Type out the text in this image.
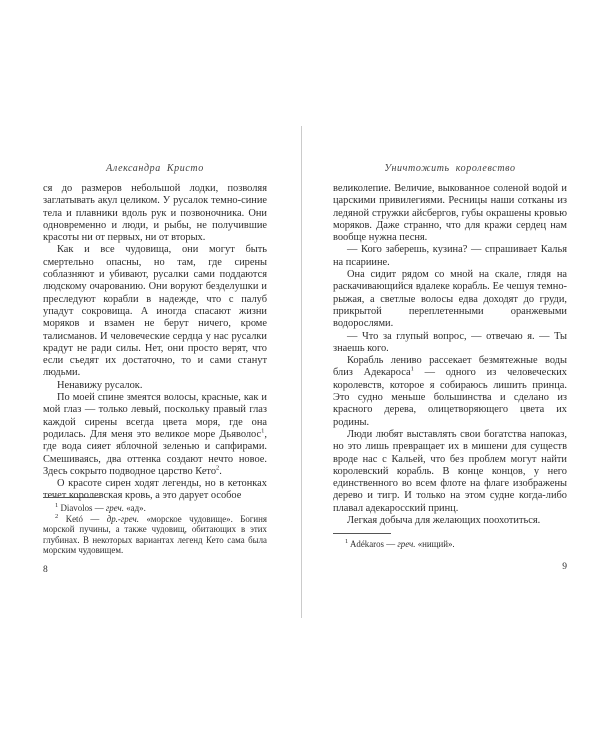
Александра Кристо

ся до размеров небольшой лодки, позволяя заглатывать акул целиком. У русалок темно-синие тела и плавники вдоль рук и позвоночника. Они одновременно и люди, и рыбы, не получившие красоты ни от первых, ни от вторых.

Как и все чудовища, они могут быть смертельно опасны, но там, где сирены соблазняют и убивают, русалки сами поддаются людскому очарованию. Они воруют безделушки и преследуют корабли в надежде, что с палуб упадут сокровища. А иногда спасают жизни моряков и взамен не берут ничего, кроме талисманов. И человеческие сердца у нас русалки крадут не ради силы. Нет, они просто верят, что если съедят их достаточно, то и сами станут людьми.

Ненавижу русалок.

По моей спине змеятся волосы, красные, как и мой глаз — только левый, поскольку правый глаз каждой сирены всегда цвета моря, где она родилась. Для меня это великое море Дьяволос$^1$, где вода сияет яблочной зеленью и сапфирами. Смешиваясь, два оттенка создают нечто новое. Здесь сокрыто подводное царство Кето$^2$.

О красоте сирен ходят легенды, но в кетонках течет королевская кровь, а это дарует особое

$^1$ Diavolos — греч. «ад».

$^2$ Ketó — др.-греч. «морское чудовище». Богиня морской пучины, а также чудовищ, обитающих в этих глубинах. В некоторых вариантах легенд Кето сама была морским чудовищем.

8
Уничтожить королевство

великолепие. Величие, выкованное соленой водой и царскими привилегиями. Ресницы наши сотканы из ледяной стружки айсбергов, губы окрашены кровью моряков. Даже странно, что для кражи сердец нам вообще нужна песня.

— Кого заберешь, кузина? — спрашивает Калья на псариине.

Она сидит рядом со мной на скале, глядя на раскачивающийся вдалеке корабль. Ее чешуя темно-рыжая, а светлые волосы едва доходят до груди, прикрытой переплетенными оранжевыми водорослями.

— Что за глупый вопрос, — отвечаю я. — Ты знаешь кого.

Корабль лениво рассекает безмятежные воды близ Адекароса$^1$ — одного из человеческих королевств, которое я собираюсь лишить принца. Это судно меньше большинства и сделано из красного дерева, олицетворяющего цвета их родины.

Люди любят выставлять свои богатства напоказ, но это лишь превращает их в мишени для существ вроде нас с Кальей, что без проблем могут найти королевский корабль. В конце концов, у него единственного во всем флоте на флаге изображены дерево и тигр. И только на этом судне когда-либо плавал адекаросский принц.

Легкая добыча для желающих поохотиться.

$^1$ Adékaros — греч. «нищий».

9
